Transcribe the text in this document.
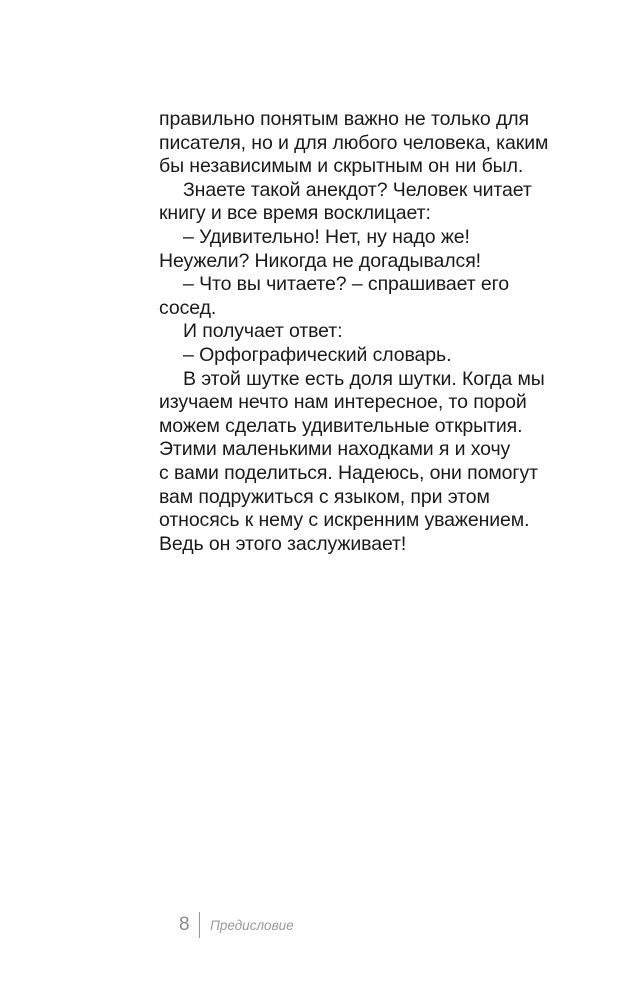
правильно понятым важно не только для
писателя, но и для любого человека, каким
бы независимым и скрытным он ни был.
Знаете такой анекдот? Человек читает
книгу и все время восклицает:
– Удивительно! Нет, ну надо же!
Неужели? Никогда не догадывался!
– Что вы читаете? – спрашивает его
сосед.
И получает ответ:
– Орфографический словарь.
В этой шутке есть доля шутки. Когда мы
изучаем нечто нам интересное, то порой
можем сделать удивительные открытия.
Этими маленькими находками я и хочу
с вами поделиться. Надеюсь, они помогут
вам подружиться с языком, при этом
относясь к нему с искренним уважением.
Ведь он этого заслуживает!
8 Предисловие
